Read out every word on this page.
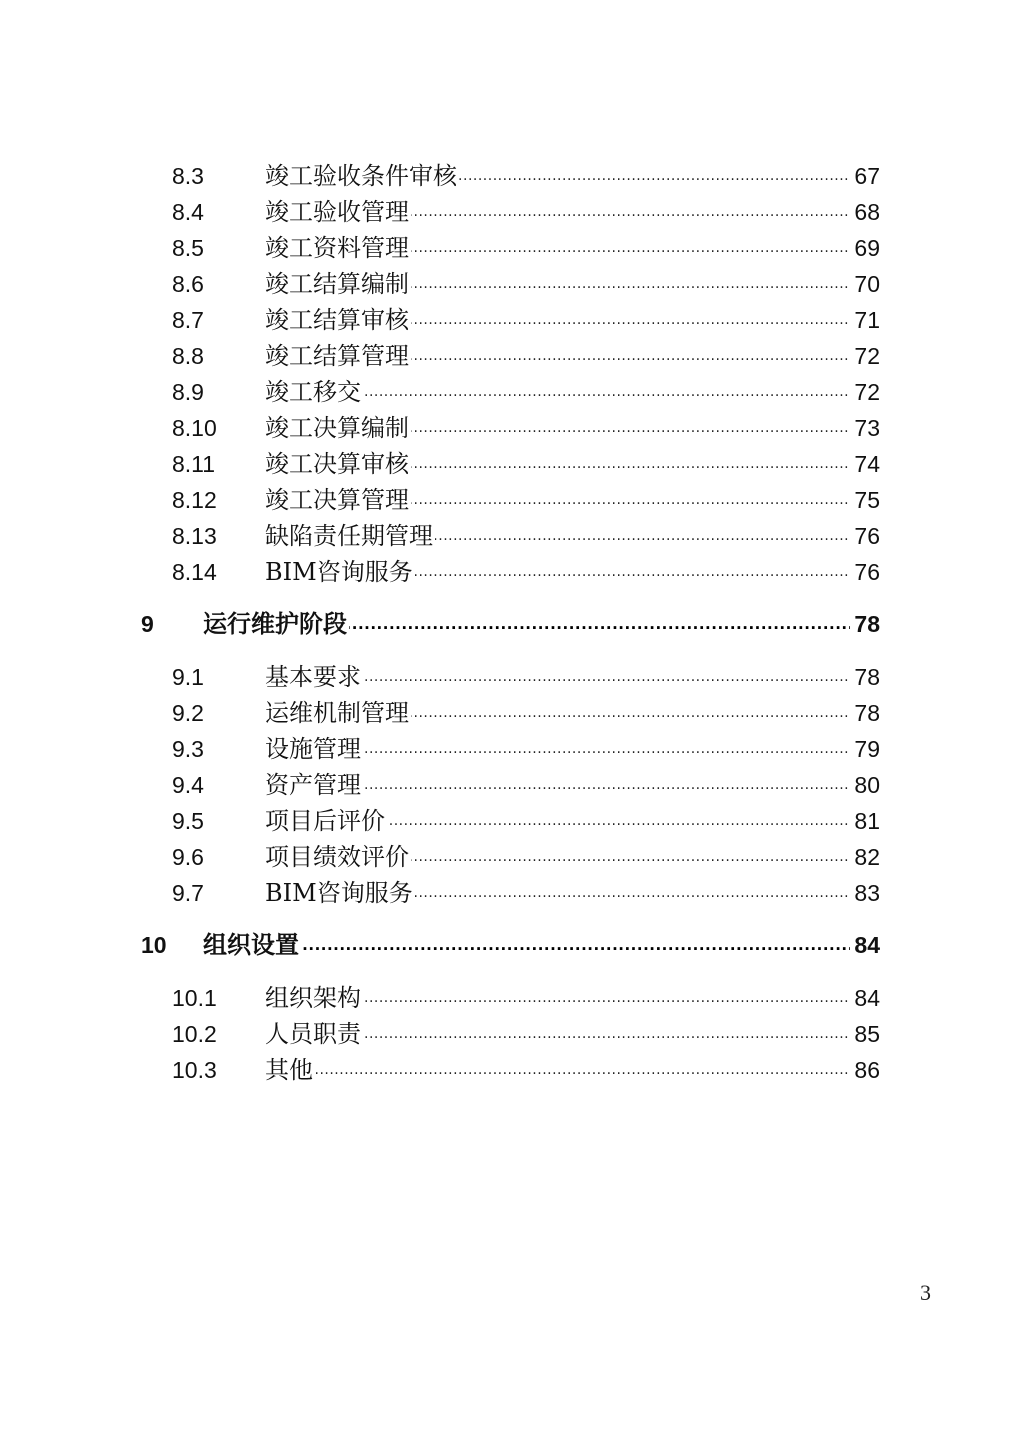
8.3	竣工验收条件审核 .....	67
8.4	竣工验收管理 .....	68
8.5	竣工资料管理 .....	69
8.6	竣工结算编制 .....	70
8.7	竣工结算审核 .....	71
8.8	竣工结算管理 .....	72
8.9	竣工移交 .....	72
8.10 竣工决算编制 .....	73
8.11 竣工决算审核 .....	74
8.12 竣工决算管理 .....	75
8.13 缺陷责任期管理 .....	76
8.14 BIM咨询服务 .....	76
9 运行维护阶段 .....	78
9.1	基本要求 .....	78
9.2	运维机制管理 .....	78
9.3	设施管理 .....	79
9.4	资产管理 .....	80
9.5	项目后评价 .....	81
9.6	项目绩效评价 .....	82
9.7	BIM咨询服务 .....	83
10 组织设置 .....	84
10.1 组织架构 .....	84
10.2 人员职责 .....	85
10.3 其他 .....	86
3
